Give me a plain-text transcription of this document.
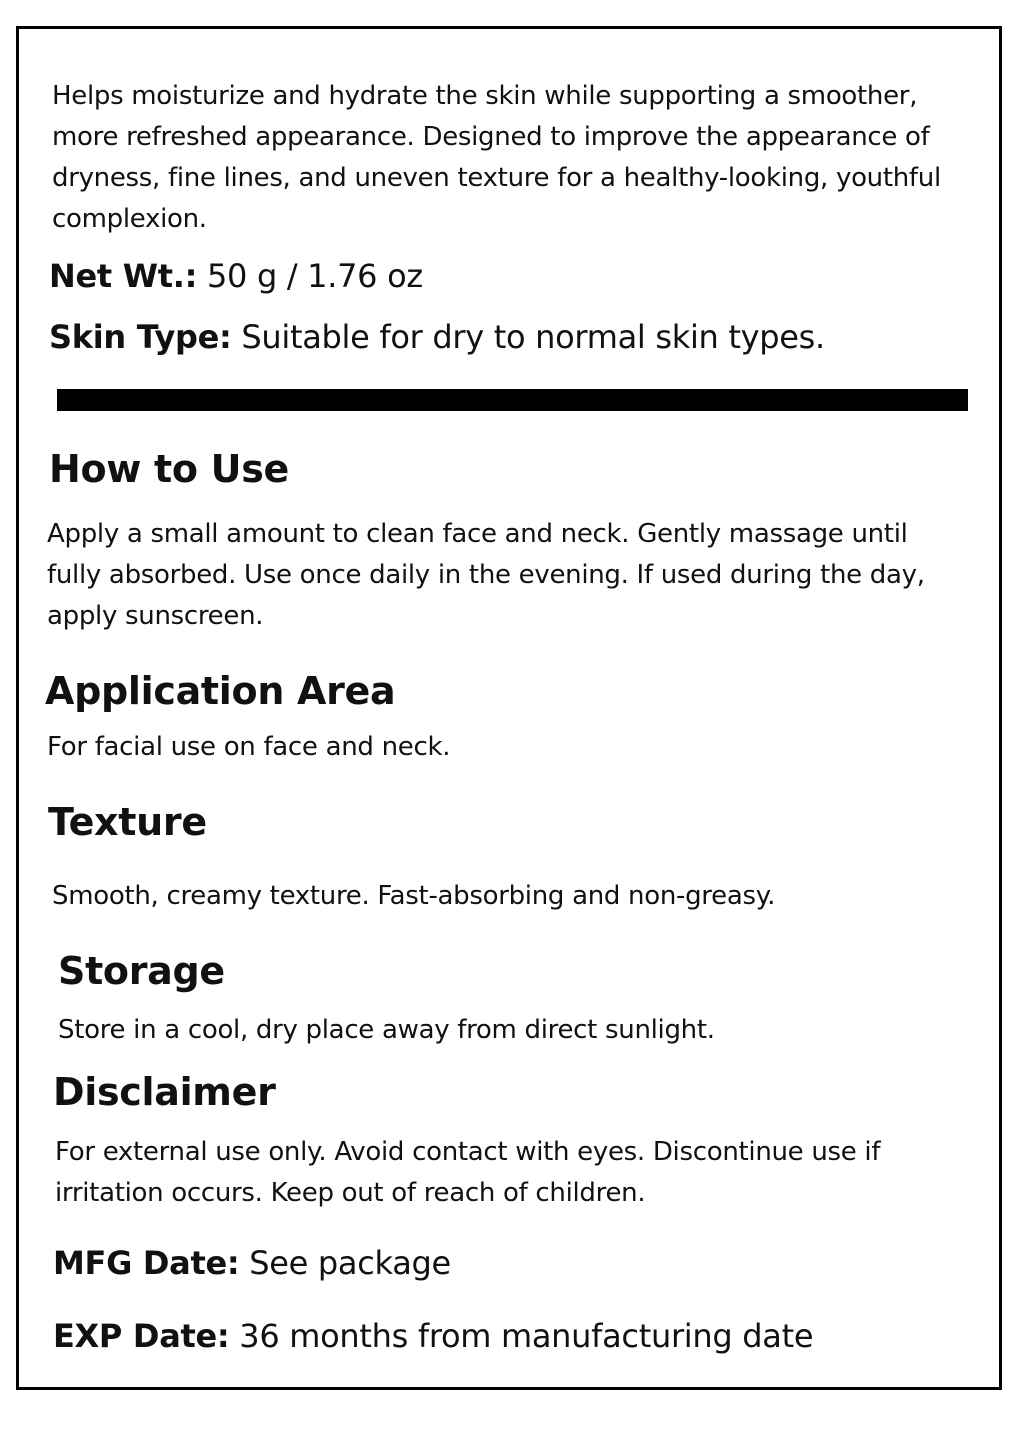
Helps moisturize and hydrate the skin while supporting a smoother, more refreshed appearance. Designed to improve the appearance of dryness, fine lines, and uneven texture for a healthy-looking, youthful complexion.

Net Wt.: 50 g / 1.76 oz

Skin Type: Suitable for dry to normal skin types.

How to Use

Apply a small amount to clean face and neck. Gently massage until fully absorbed. Use once daily in the evening. If used during the day, apply sunscreen.

Application Area

For facial use on face and neck.

Texture

Smooth, creamy texture. Fast-absorbing and non-greasy.

Storage

Store in a cool, dry place away from direct sunlight.

Disclaimer

For external use only. Avoid contact with eyes. Discontinue use if irritation occurs. Keep out of reach of children.

MFG Date: See package

EXP Date: 36 months from manufacturing date
